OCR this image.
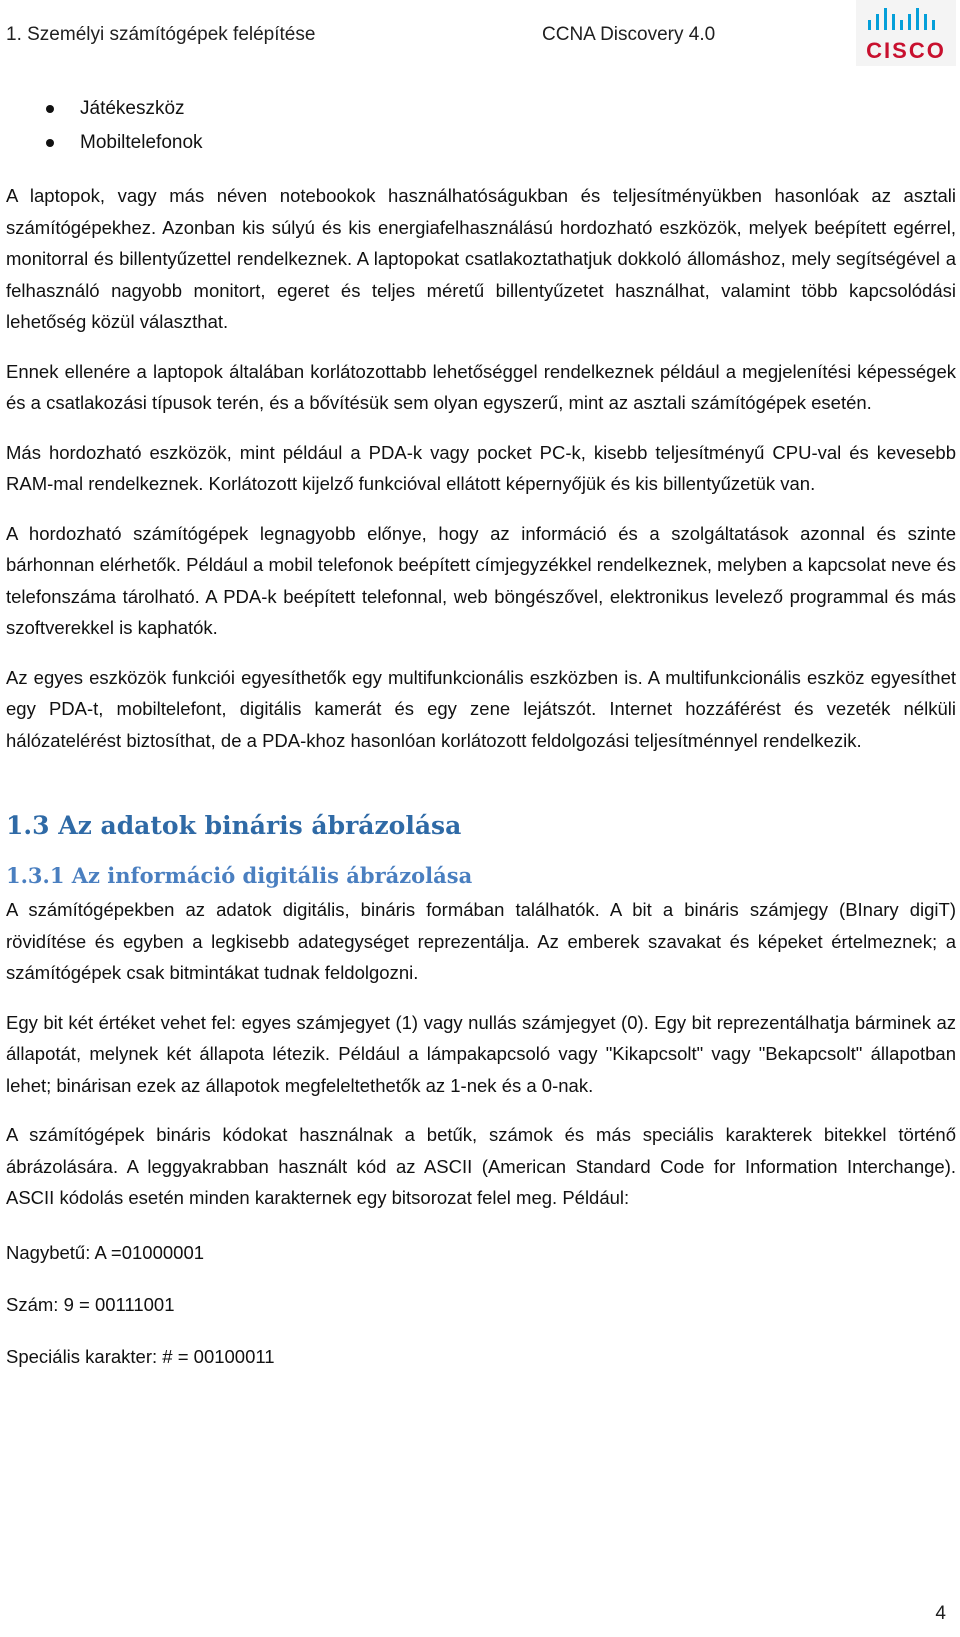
1. Személyi számítógépek felépítése	CCNA Discovery 4.0
CISCO
Játékeszköz
Mobiltelefonok

A laptopok, vagy más néven notebookok használhatóságukban és teljesítményükben hasonlóak az asztali számítógépekhez. Azonban kis súlyú és kis energiafelhasználású hordozható eszközök, melyek beépített egérrel, monitorral és billentyűzettel rendelkeznek. A laptopokat csatlakoztathatjuk dokkoló állomáshoz, mely segítségével a felhasználó nagyobb monitort, egeret és teljes méretű billentyűzetet használhat, valamint több kapcsolódási lehetőség közül választhat.

Ennek ellenére a laptopok általában korlátozottabb lehetőséggel rendelkeznek például a megjelenítési képességek és a csatlakozási típusok terén, és a bővítésük sem olyan egyszerű, mint az asztali számítógépek esetén.

Más hordozható eszközök, mint például a PDA-k vagy pocket PC-k, kisebb teljesítményű CPU-val és kevesebb RAM-mal rendelkeznek. Korlátozott kijelző funkcióval ellátott képernyőjük és kis billentyűzetük van.

A hordozható számítógépek legnagyobb előnye, hogy az információ és a szolgáltatások azonnal és szinte bárhonnan elérhetők. Például a mobil telefonok beépített címjegyzékkel rendelkeznek, melyben a kapcsolat neve és telefonszáma tárolható. A PDA-k beépített telefonnal, web böngészővel, elektronikus levelező programmal és más szoftverekkel is kaphatók.

Az egyes eszközök funkciói egyesíthetők egy multifunkcionális eszközben is. A multifunkcionális eszköz egyesíthet egy PDA-t, mobiltelefont, digitális kamerát és egy zene lejátszót. Internet hozzáférést és vezeték nélküli hálózatelérést biztosíthat, de a PDA-khoz hasonlóan korlátozott feldolgozási teljesítménnyel rendelkezik.

1.3 Az adatok bináris ábrázolása
1.3.1 Az információ digitális ábrázolása

A számítógépekben az adatok digitális, bináris formában találhatók. A bit a bináris számjegy (BInary digiT) rövidítése és egyben a legkisebb adategységet reprezentálja. Az emberek szavakat és képeket értelmeznek; a számítógépek csak bitmintákat tudnak feldolgozni.

Egy bit két értéket vehet fel: egyes számjegyet (1) vagy nullás számjegyet (0). Egy bit reprezentálhatja bárminek az állapotát, melynek két állapota létezik. Például a lámpakapcsoló vagy "Kikapcsolt" vagy "Bekapcsolt" állapotban lehet; binárisan ezek az állapotok megfeleltethetők az 1-nek és a 0-nak.

A számítógépek bináris kódokat használnak a betűk, számok és más speciális karakterek bitekkel történő ábrázolására. A leggyakrabban használt kód az ASCII (American Standard Code for Information Interchange). ASCII kódolás esetén minden karakternek egy bitsorozat felel meg. Például:

Nagybetű: A =01000001
Szám: 9 = 00111001
Speciális karakter: # = 00100011
4
